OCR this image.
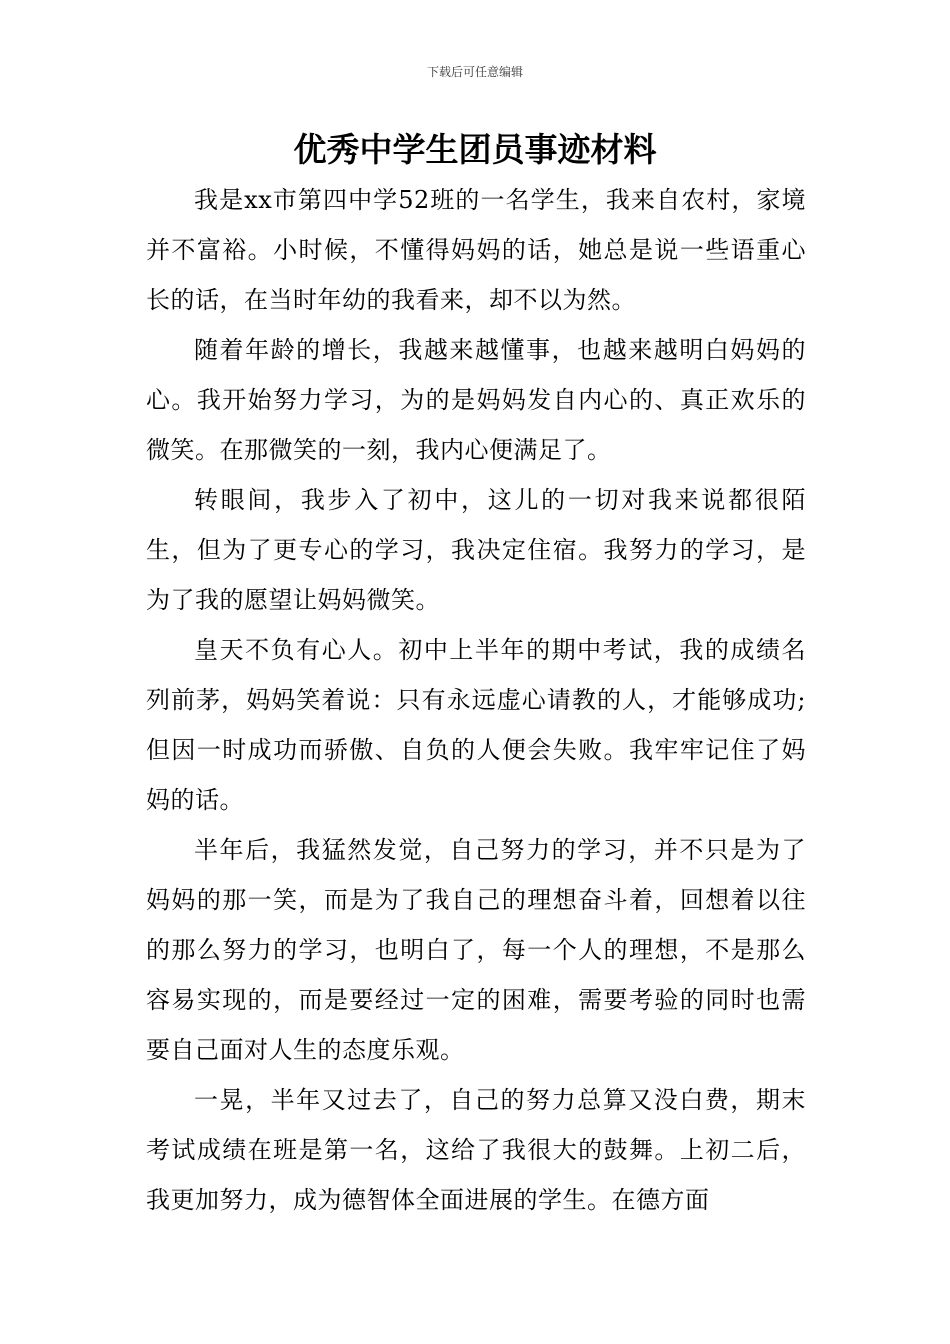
下载后可任意编辑
优秀中学生团员事迹材料

我是xx市第四中学52班的一名学生，我来自农村，家境并不富裕。小时候，不懂得妈妈的话，她总是说一些语重心长的话，在当时年幼的我看来，却不以为然。

随着年龄的增长，我越来越懂事，也越来越明白妈妈的心。我开始努力学习，为的是妈妈发自内心的、真正欢乐的微笑。在那微笑的一刻，我内心便满足了。

转眼间，我步入了初中，这儿的一切对我来说都很陌生，但为了更专心的学习，我决定住宿。我努力的学习，是为了我的愿望让妈妈微笑。

皇天不负有心人。初中上半年的期中考试，我的成绩名列前茅，妈妈笑着说：只有永远虚心请教的人，才能够成功;但因一时成功而骄傲、自负的人便会失败。我牢牢记住了妈妈的话。

半年后，我猛然发觉，自己努力的学习，并不只是为了妈妈的那一笑，而是为了我自己的理想奋斗着，回想着以往的那么努力的学习，也明白了，每一个人的理想，不是那么容易实现的，而是要经过一定的困难，需要考验的同时也需要自己面对人生的态度乐观。

一晃，半年又过去了，自己的努力总算又没白费，期末考试成绩在班是第一名，这给了我很大的鼓舞。上初二后，我更加努力，成为德智体全面进展的学生。在德方面
